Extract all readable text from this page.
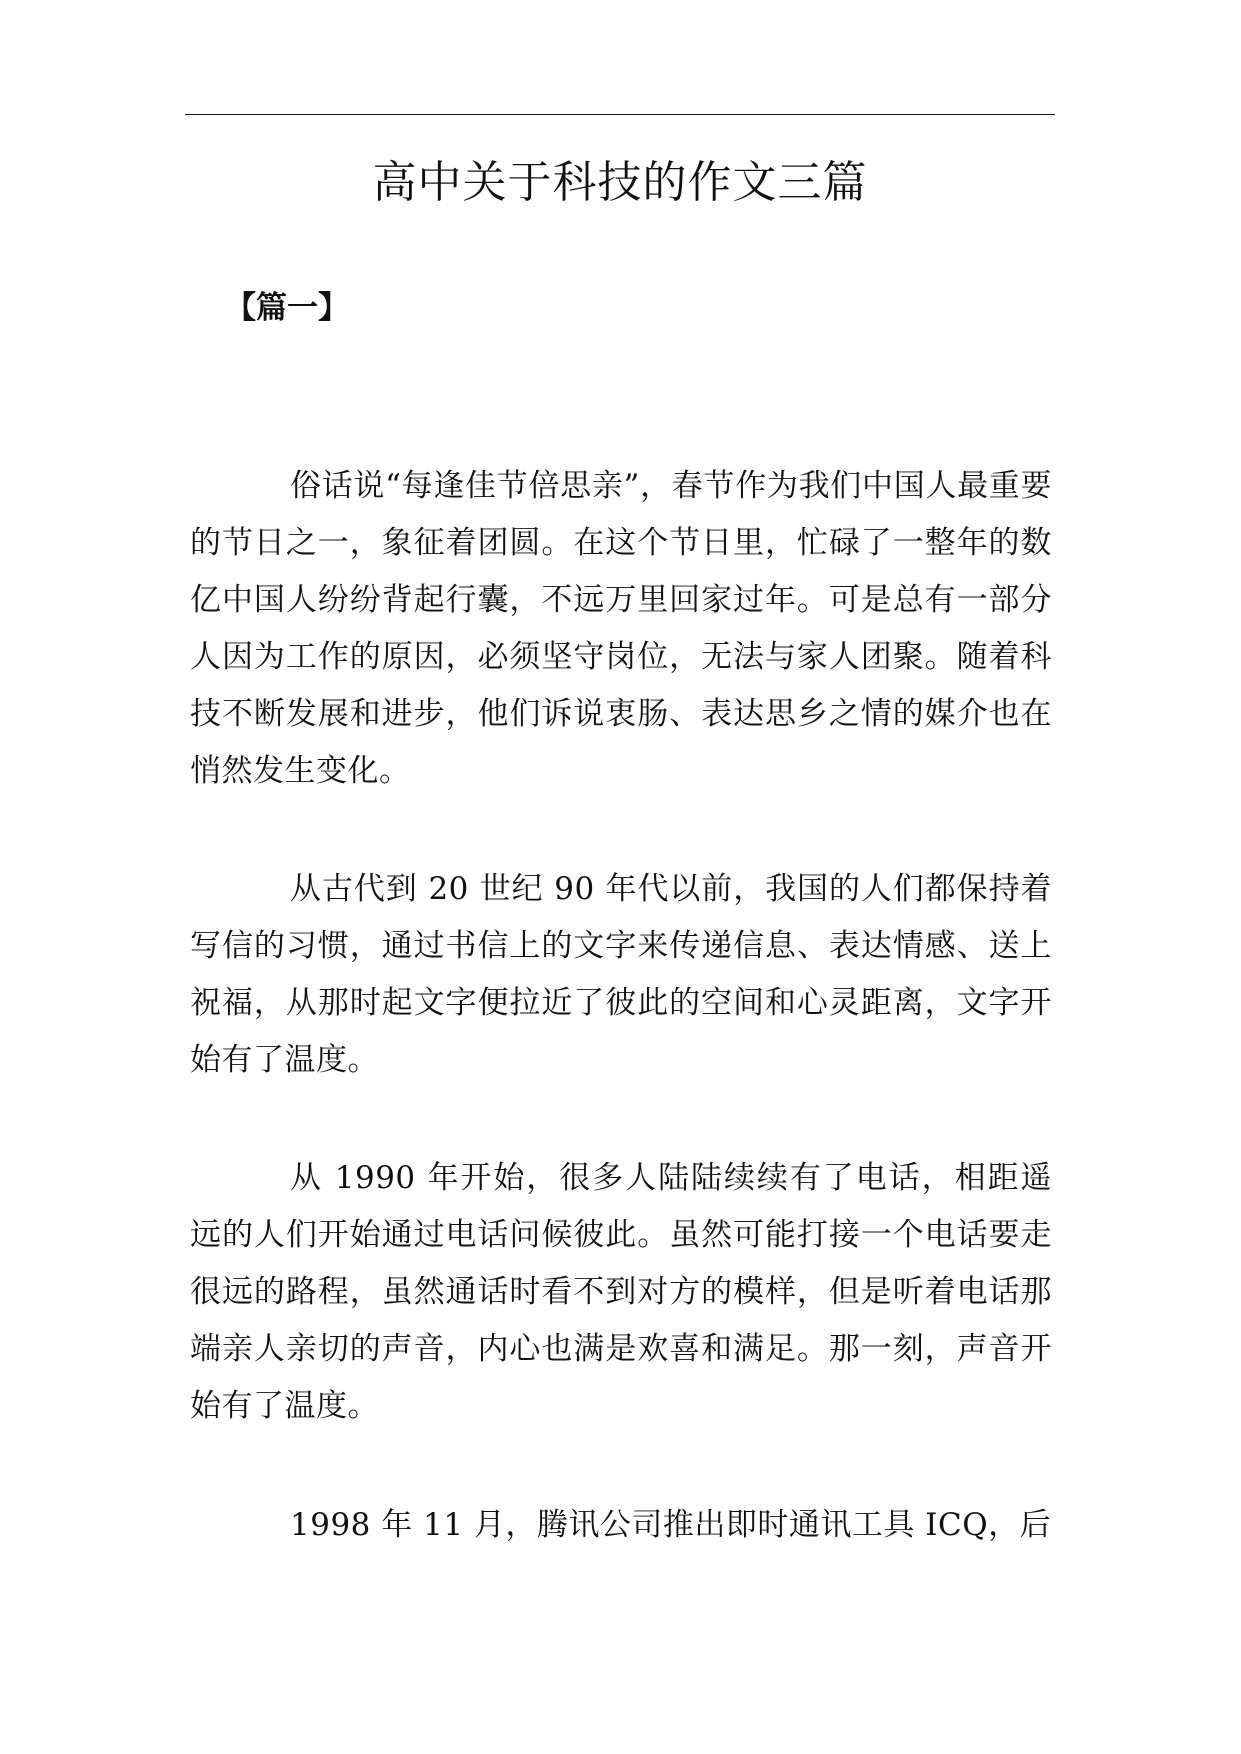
高中关于科技的作文三篇
【篇一】

俗话说“每逢佳节倍思亲”，春节作为我们中国人最重要的节日之一，象征着团圆。在这个节日里，忙碌了一整年的数亿中国人纷纷背起行囊，不远万里回家过年。可是总有一部分人因为工作的原因，必须坚守岗位，无法与家人团聚。随着科技不断发展和进步，他们诉说衷肠、表达思乡之情的媒介也在悄然发生变化。

从古代到 20 世纪 90 年代以前，我国的人们都保持着写信的习惯，通过书信上的文字来传递信息、表达情感、送上祝福，从那时起文字便拉近了彼此的空间和心灵距离，文字开始有了温度。

从 1990 年开始，很多人陆陆续续有了电话，相距遥远的人们开始通过电话问候彼此。虽然可能打接一个电话要走很远的路程，虽然通话时看不到对方的模样，但是听着电话那端亲人亲切的声音，内心也满是欢喜和满足。那一刻，声音开始有了温度。

1998 年 11 月，腾讯公司推出即时通讯工具 ICQ，后
